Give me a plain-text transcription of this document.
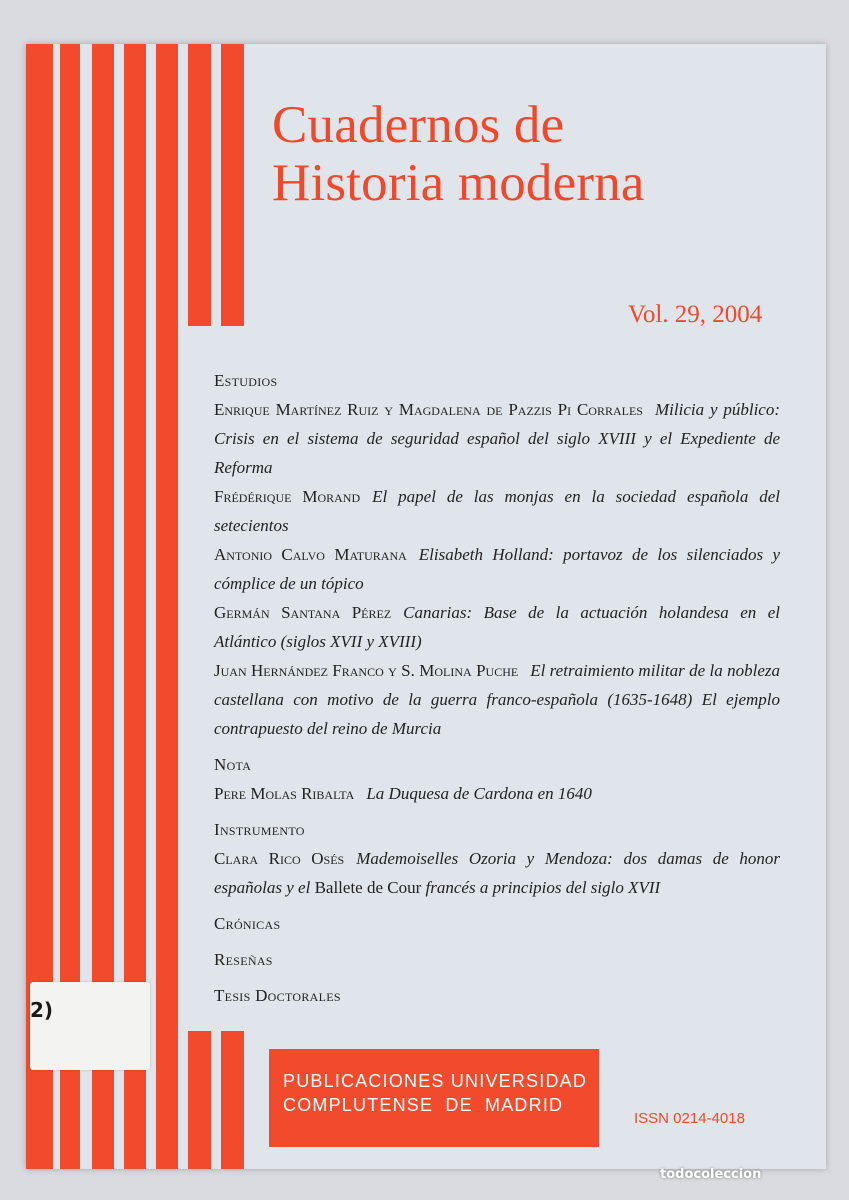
2)
Cuadernos de
Historia moderna

Vol. 29, 2004

Estudios

Enrique Martínez Ruiz y Magdalena de Pazzis Pi Corrales Milicia y público: Crisis en el sistema de seguridad español del siglo XVIII y el Expediente de Reforma

Frédérique Morand El papel de las monjas en la sociedad española del setecientos

Antonio Calvo Maturana Elisabeth Holland: portavoz de los silenciados y cómplice de un tópico

Germán Santana Pérez Canarias: Base de la actuación holandesa en el Atlántico (siglos XVII y XVIII)

Juan Hernández Franco y S. Molina Puche El retraimiento militar de la nobleza castellana con motivo de la guerra franco-española (1635-1648) El ejemplo contrapuesto del reino de Murcia

Nota

Pere Molas Ribalta La Duquesa de Cardona en 1640

Instrumento

Clara Rico Osés Mademoiselles Ozoria y Mendoza: dos damas de honor españolas y el Ballete de Cour francés a principios del siglo XVII

Crónicas

Reseñas

Tesis Doctorales

PUBLICACIONES UNIVERSIDAD
COMPLUTENSE DE MADRID
ISSN 0214-4018
todocoleccion
